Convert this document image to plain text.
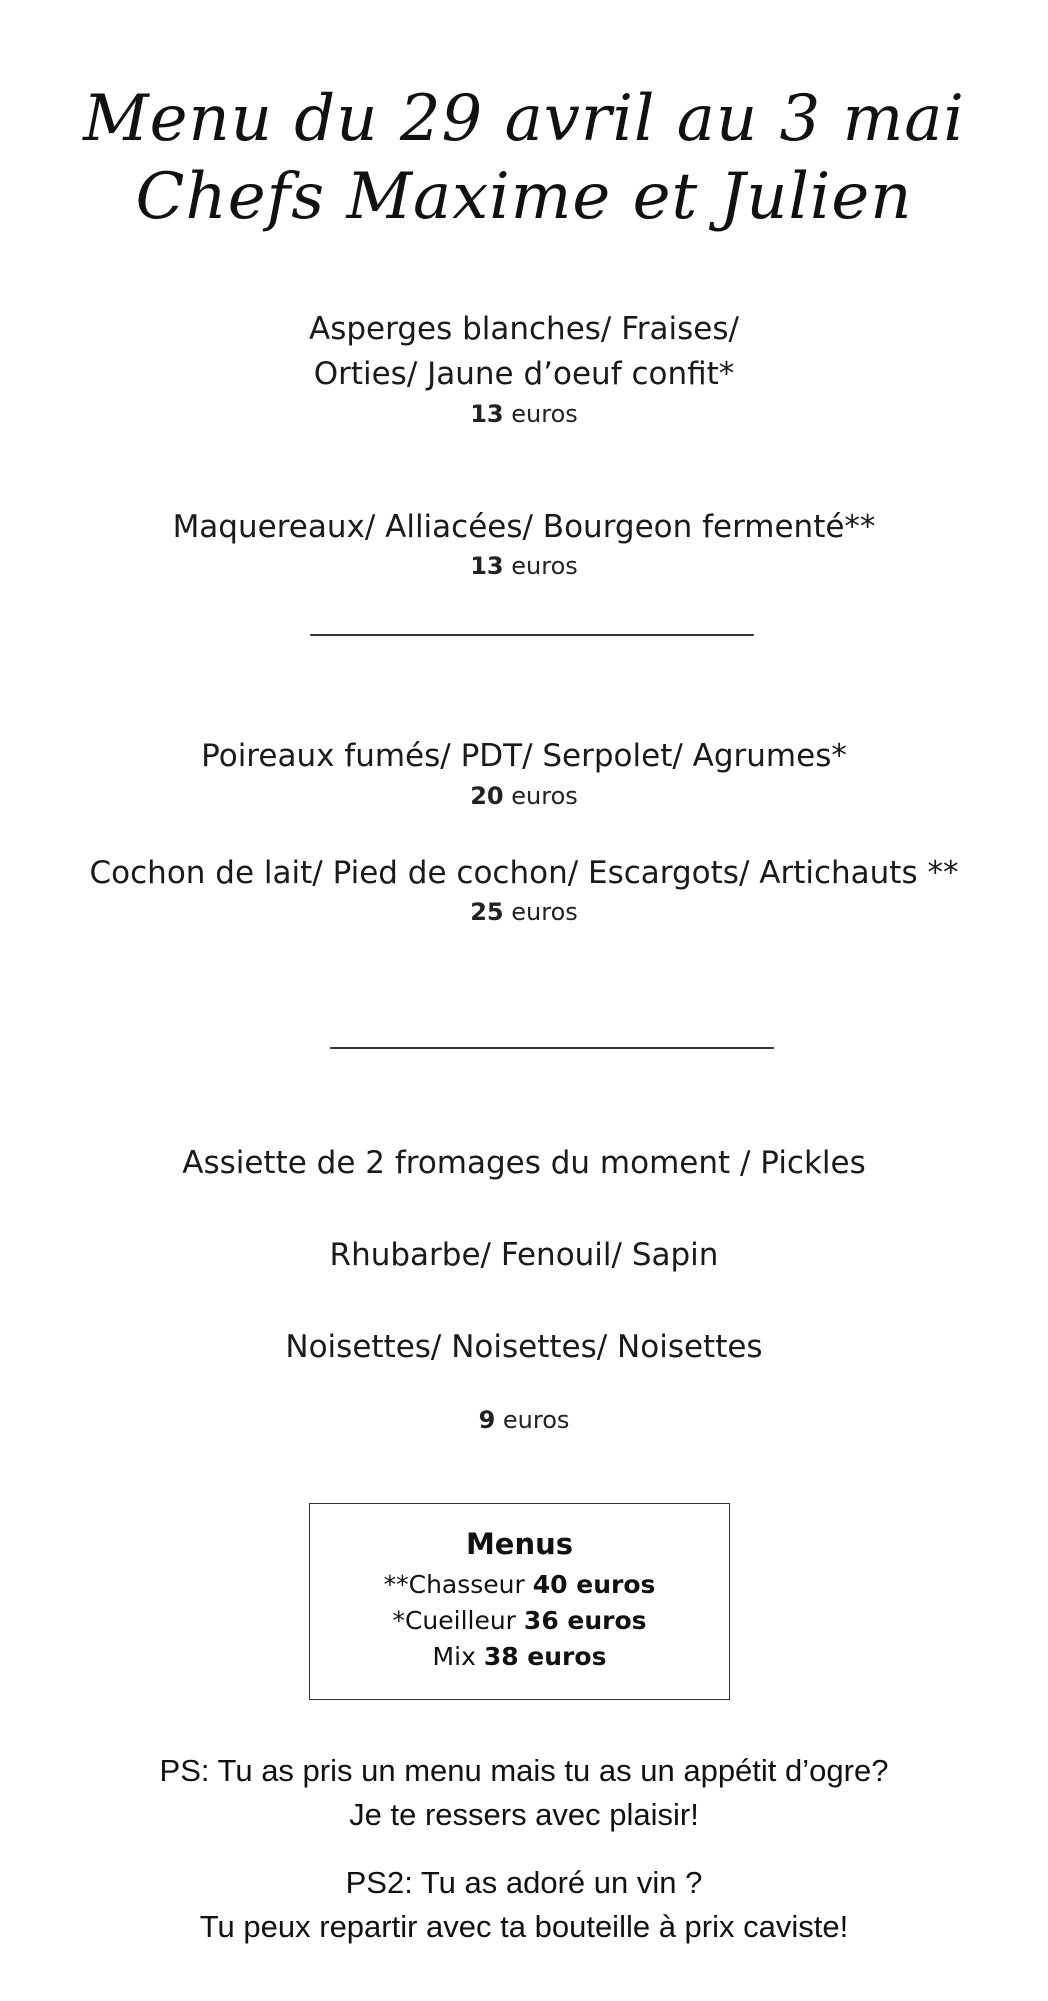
Menu du 29 avril au 3 mai
Chefs Maxime et Julien
Asperges blanches/ Fraises/
Orties/ Jaune d’oeuf confit*
13 euros
Maquereaux/ Alliacées/ Bourgeon fermenté**
13 euros
Poireaux fumés/ PDT/ Serpolet/ Agrumes*
20 euros
Cochon de lait/ Pied de cochon/ Escargots/ Artichauts **
25 euros
Assiette de 2 fromages du moment / Pickles
Rhubarbe/ Fenouil/ Sapin
Noisettes/ Noisettes/ Noisettes
9 euros
Menus
**Chasseur 40 euros
*Cueilleur 36 euros
Mix 38 euros
PS: Tu as pris un menu mais tu as un appétit d’ogre?
Je te ressers avec plaisir!
PS2: Tu as adoré un vin ?
Tu peux repartir avec ta bouteille à prix caviste!
